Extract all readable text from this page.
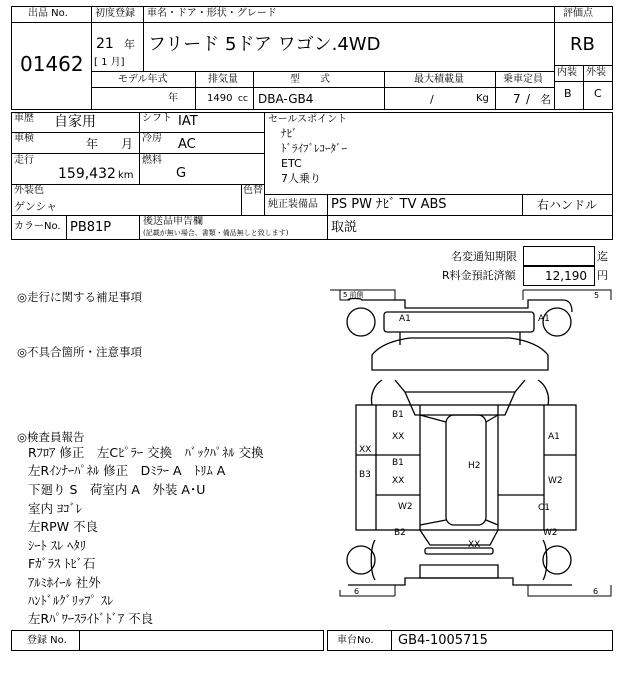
出品 No.
01462
初度登録
21 年
[ 1 月]
車名・ドア・形状・グレード
フリード 5ドア ワゴン.4WD
評価点
RB
内装 外装
B C
モデル年式
年
排気量
1490 cc
型　　式
DBA-GB4
最大積載量
/	Kg
乗車定員
7 / 名
車歴 自家用	シフト IAT
車検	年 月 冷房 AC
走行
159,432 km
燃料
G
外装色
ゲンシャ
色替
セールスポイント
ﾅﾋﾞ
ﾄﾞﾗｲﾌﾞﾚｺｰﾀﾞｰ
ETC
7人乗り
純正装備品 PS PW ﾅﾋﾞ TV ABS	右ハンドル
カラーNo. PB81P	後送品申告欄
(記載が無い場合、書類・備品無しと致します)	取説
名変通知期限	迄
R料金預託済額 12,190 円
◎走行に関する補足事項
◎不具合箇所・注意事項
◎検査員報告
Rﾌﾛｱ 修正　左Cﾋﾟﾗｰ 交換　ﾊﾞｯｸﾊﾟﾈﾙ 交換
左Rｲﾝﾅｰﾊﾟﾈﾙ 修正　Dﾐﾗｰ A　ﾄﾘﾑ A
下廻り S　荷室内 A　外装 A･U
室内 ﾖｺﾞﾚ
左RPW 不良
ｼｰﾄ ｽﾚ ﾍﾀﾘ
Fｶﾞﾗｽ ﾄﾋﾞ石
ｱﾙﾐﾎｲｰﾙ 社外
ﾊﾝﾄﾞﾙｸﾞﾘｯﾌﾟ ｽﾚ
左Rﾊﾟﾜｰｽﾗｲﾄﾞﾄﾞｱ 不良
5 前側	5
6	6
A1	A1
B1
XX	A1
XX
B1	H2
B3
XX	W2
W2	C1
B2	W2
XX
登録 No.	車台No. GB4-1005715
